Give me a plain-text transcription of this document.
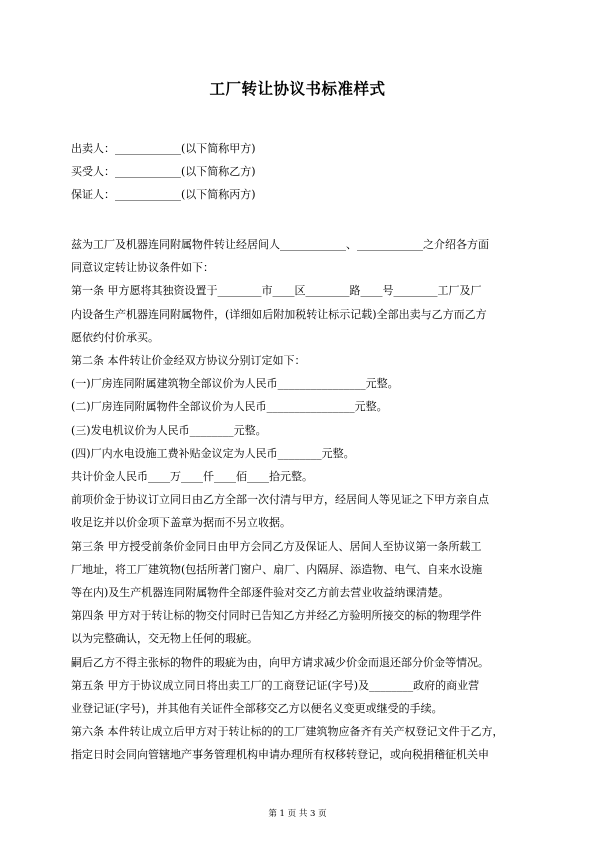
工厂转让协议书标准样式
出卖人：____________(以下简称甲方)
买受人：____________(以下简称乙方)
保证人：____________(以下简称丙方)

兹为工厂及机器连同附属物件转让经居间人____________、____________之介绍各方面

同意议定转让协议条件如下：

第一条 甲方愿将其独资设置于________市____区________路____号________工厂及厂

内设备生产机器连同附属物件，(详细如后附加税转让标示记载)全部出卖与乙方而乙方

愿依约付价承买。

第二条 本件转让价金经双方协议分别订定如下：

(一)厂房连同附属建筑物全部议价为人民币________________元整。

(二)厂房连同附属物件全部议价为人民币________________元整。

(三)发电机议价为人民币________元整。

(四)厂内水电设施工费补贴金议定为人民币________元整。

共计价金人民币____万____仟____佰____拾元整。

前项价金于协议订立同日由乙方全部一次付清与甲方，经居间人等见证之下甲方亲自点

收足讫并以价金项下盖章为据而不另立收据。

第三条 甲方授受前条价金同日由甲方会同乙方及保证人、居间人至协议第一条所载工

厂地址，将工厂建筑物(包括所著门窗户、扇厂、内隔屏、添造物、电气、自来水设施

等在内)及生产机器连同附属物件全部逐件验对交乙方前去营业收益纳课清楚。

第四条 甲方对于转让标的物交付同时已告知乙方并经乙方验明所接交的标的物理学件

以为完整确认，交无物上任何的瑕疵。

嗣后乙方不得主张标的物件的瑕疵为由，向甲方请求减少价金而退还部分价金等情况。

第五条 甲方于协议成立同日将出卖工厂的工商登记证(字号)及________政府的商业营

业登记证(字号)，并其他有关证件全部移交乙方以便名义变更或继受的手续。

第六条 本件转让成立后甲方对于转让标的的工厂建筑物应备齐有关产权登记文件于乙方，

指定日时会同向管辖地产事务管理机构申请办理所有权移转登记，或向税捐稽征机关申

第 1 页 共 3 页
